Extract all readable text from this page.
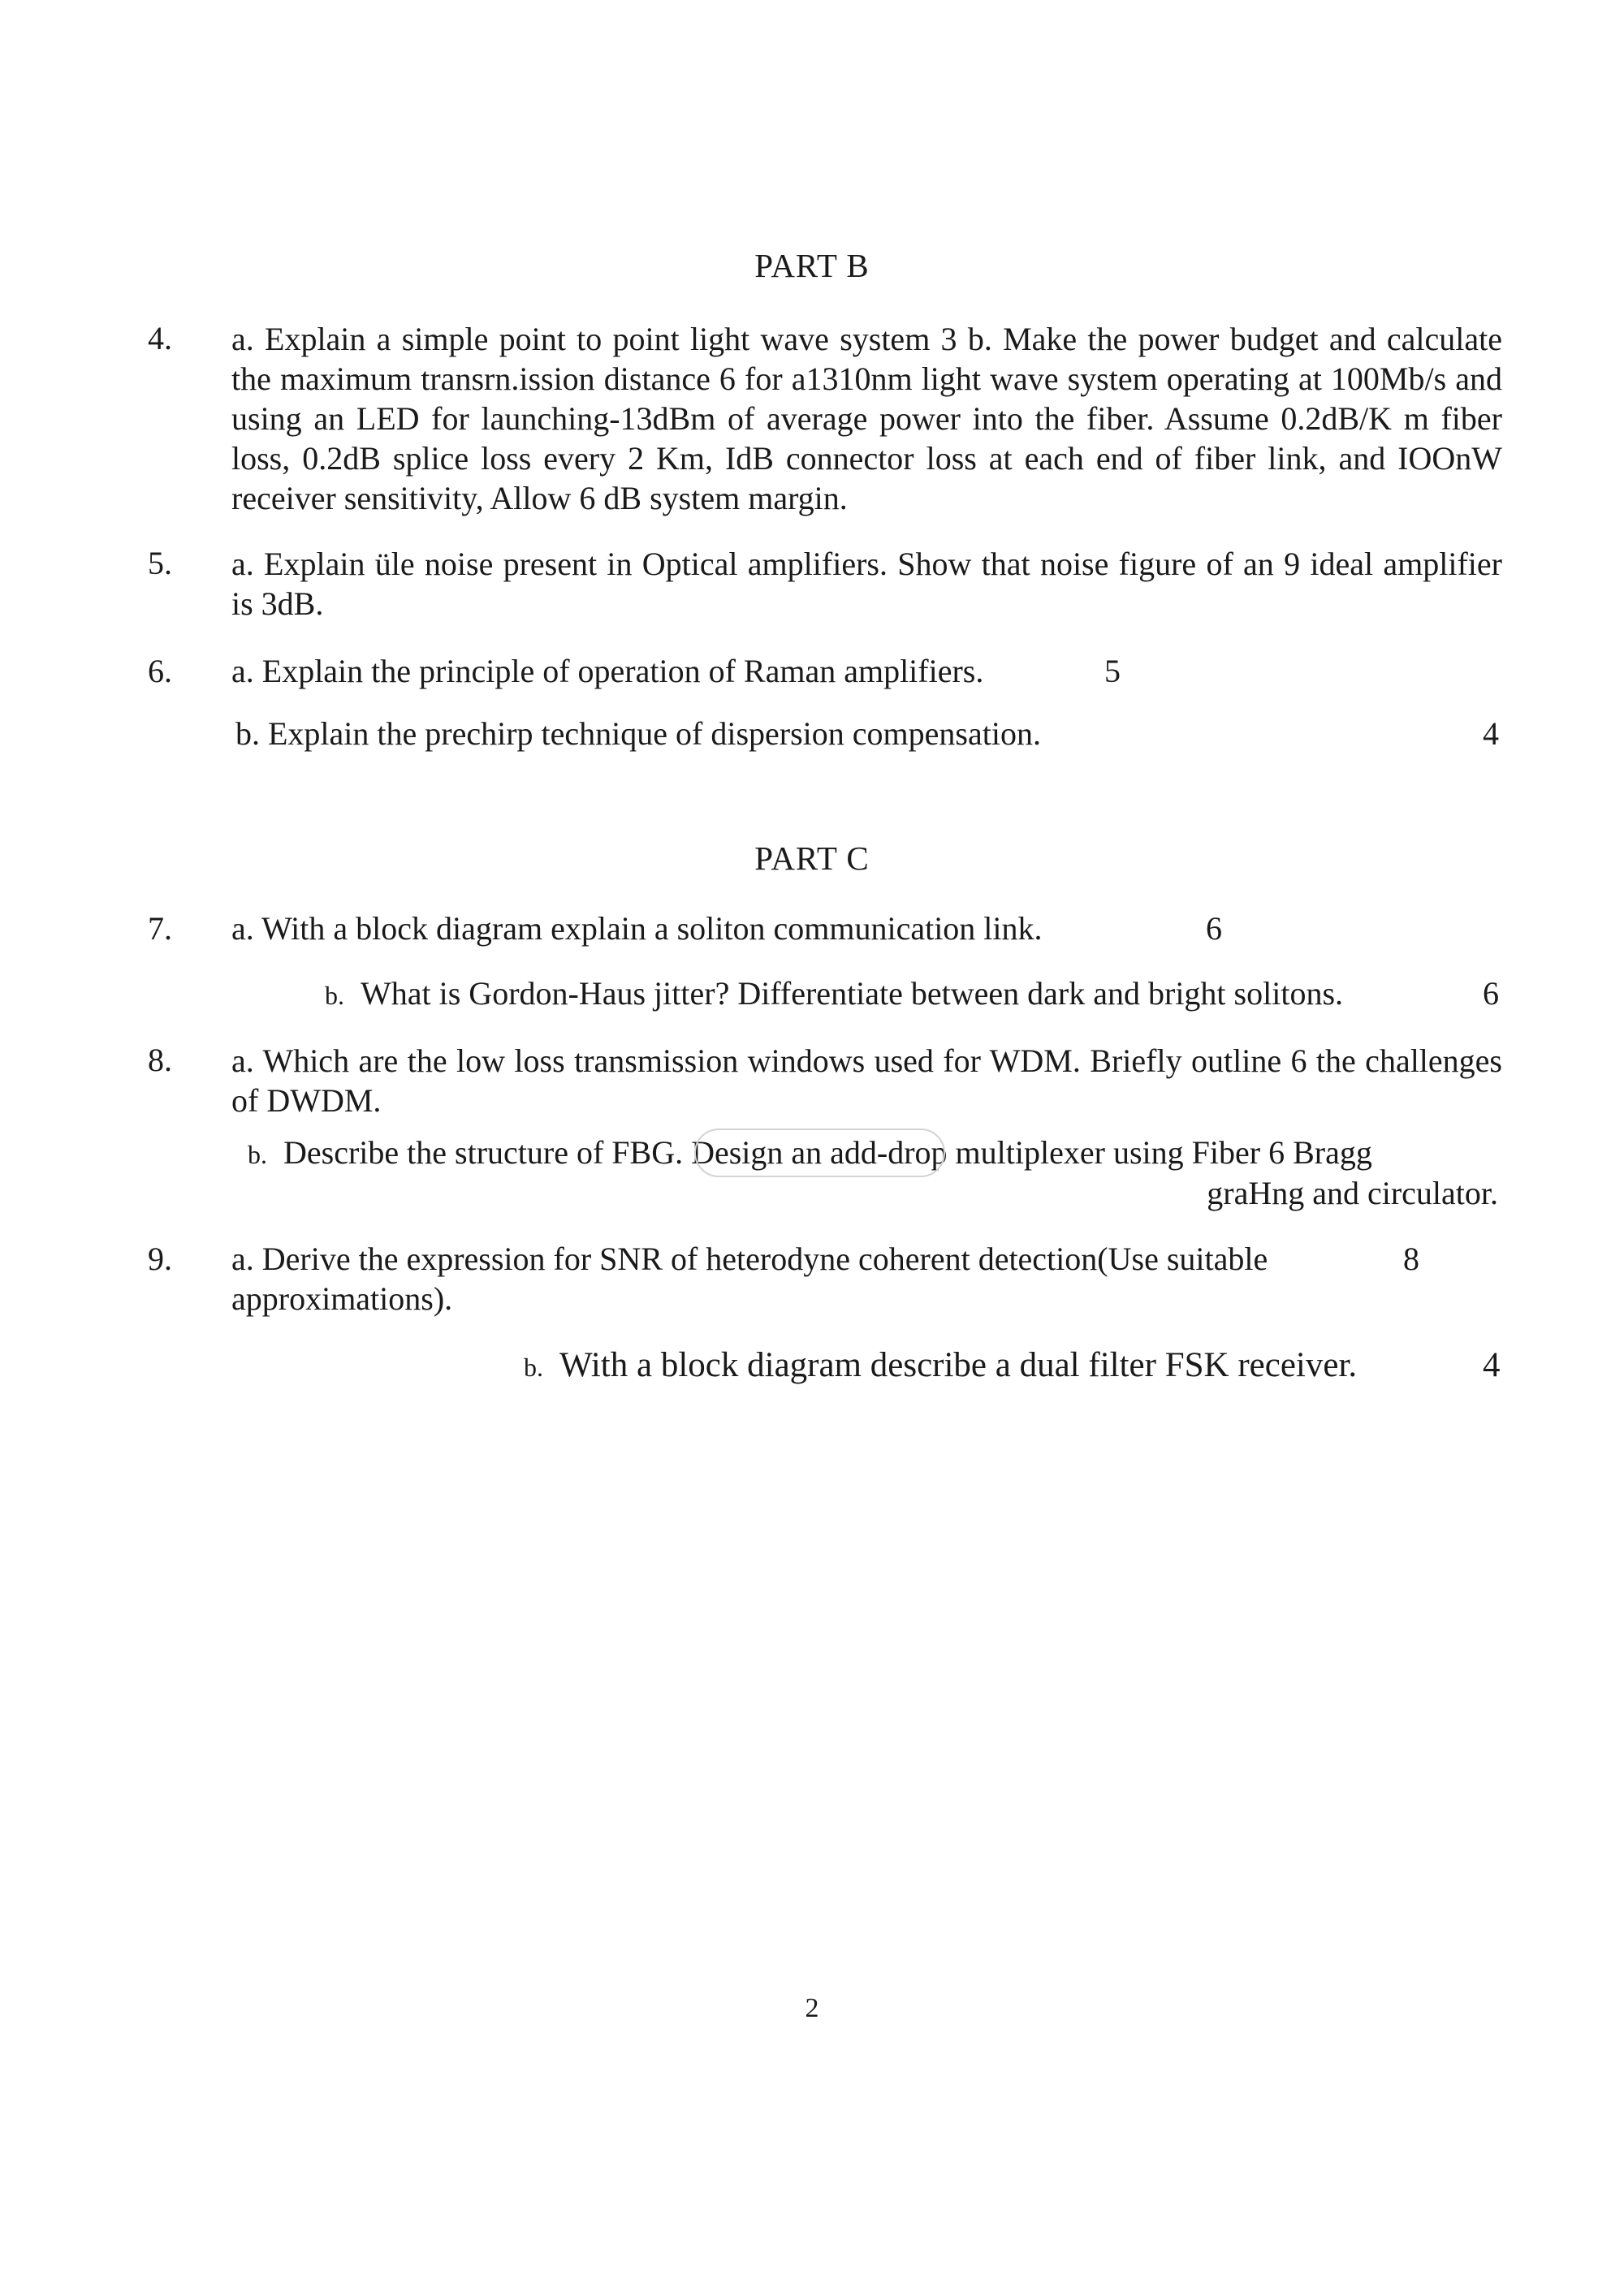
PART B
4. a. Explain a simple point to point light wave system 3 b. Make the power budget and calculate the maximum transrn.ission distance 6 for a1310nm light wave system operating at 100Mb/s and using an LED for launching-13dBm of average power into the fiber. Assume 0.2dB/K m fiber loss, 0.2dB splice loss every 2 Km, IdB connector loss at each end of fiber link, and IOOnW receiver sensitivity, Allow 6 dB system margin.
5. a. Explain üle noise present in Optical amplifiers. Show that noise figure of an 9 ideal amplifier is 3dB.
6. a. Explain the principle of operation of Raman amplifiers.	5
b. Explain the prechirp technique of dispersion compensation.	4
PART C
7. a. With a block diagram explain a soliton communication link.	6
b. What is Gordon-Haus jitter? Differentiate between dark and bright solitons.	6
8. a. Which are the low loss transmission windows used for WDM. Briefly outline 6 the challenges of DWDM.
b. Describe the structure of FBG. Design an add-drop multiplexer using Fiber 6 Bragg
graHng and circulator.
9. a. Derive the expression for SNR of heterodyne coherent detection(Use suitable	8
approximations).
b. With a block diagram describe a dual filter FSK receiver.	4
2
